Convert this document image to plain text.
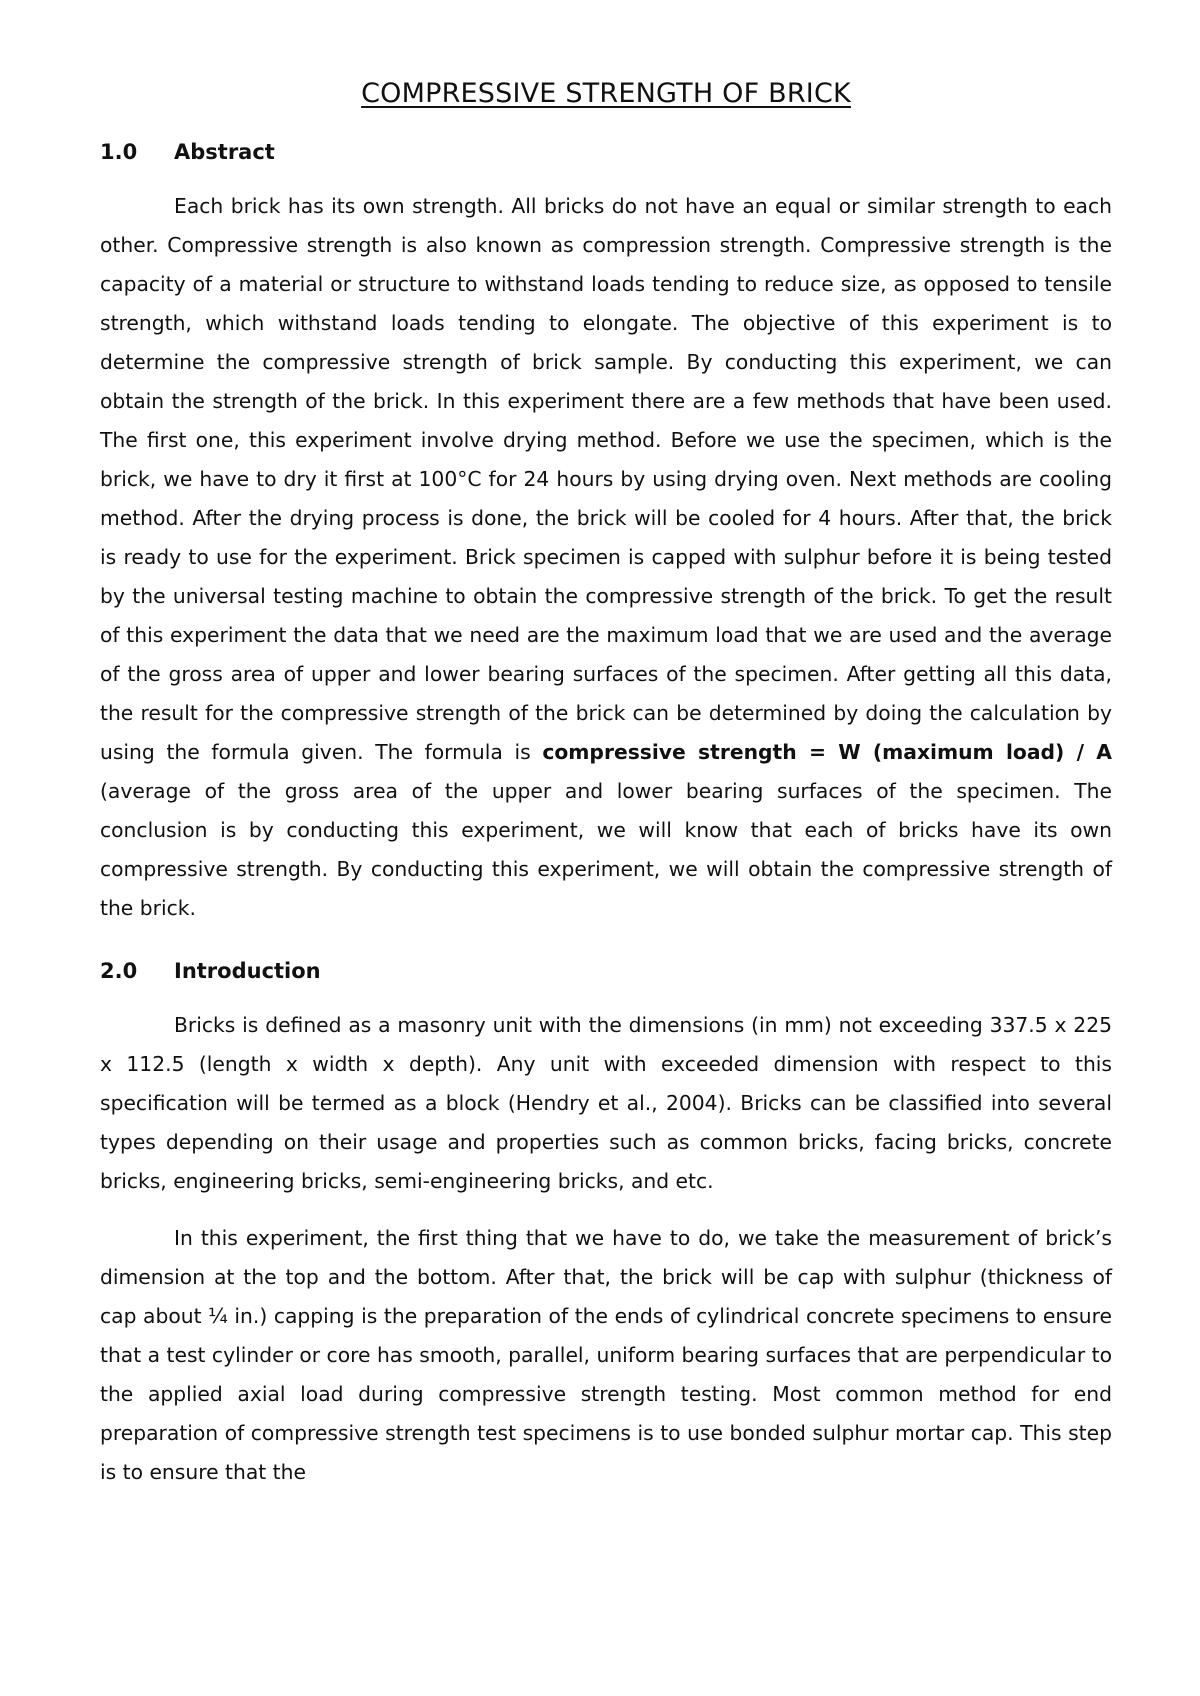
COMPRESSIVE STRENGTH OF BRICK
1.0	Abstract

Each brick has its own strength. All bricks do not have an equal or similar strength to each other. Compressive strength is also known as compression strength. Compressive strength is the capacity of a material or structure to withstand loads tending to reduce size, as opposed to tensile strength, which withstand loads tending to elongate. The objective of this experiment is to determine the compressive strength of brick sample. By conducting this experiment, we can obtain the strength of the brick. In this experiment there are a few methods that have been used. The first one, this experiment involve drying method. Before we use the specimen, which is the brick, we have to dry it first at 100°C for 24 hours by using drying oven. Next methods are cooling method. After the drying process is done, the brick will be cooled for 4 hours. After that, the brick is ready to use for the experiment. Brick specimen is capped with sulphur before it is being tested by the universal testing machine to obtain the compressive strength of the brick. To get the result of this experiment the data that we need are the maximum load that we are used and the average of the gross area of upper and lower bearing surfaces of the specimen. After getting all this data, the result for the compressive strength of the brick can be determined by doing the calculation by using the formula given. The formula is compressive strength = W (maximum load) / A (average of the gross area of the upper and lower bearing surfaces of the specimen. The conclusion is by conducting this experiment, we will know that each of bricks have its own compressive strength. By conducting this experiment, we will obtain the compressive strength of the brick.

2.0	Introduction

Bricks is defined as a masonry unit with the dimensions (in mm) not exceeding 337.5 x 225 x 112.5 (length x width x depth). Any unit with exceeded dimension with respect to this specification will be termed as a block (Hendry et al., 2004). Bricks can be classified into several types depending on their usage and properties such as common bricks, facing bricks, concrete bricks, engineering bricks, semi-engineering bricks, and etc.

In this experiment, the first thing that we have to do, we take the measurement of brick’s dimension at the top and the bottom. After that, the brick will be cap with sulphur (thickness of cap about ¼ in.) capping is the preparation of the ends of cylindrical concrete specimens to ensure that a test cylinder or core has smooth, parallel, uniform bearing surfaces that are perpendicular to the applied axial load during compressive strength testing. Most common method for end preparation of compressive strength test specimens is to use bonded sulphur mortar cap. This step is to ensure that the
